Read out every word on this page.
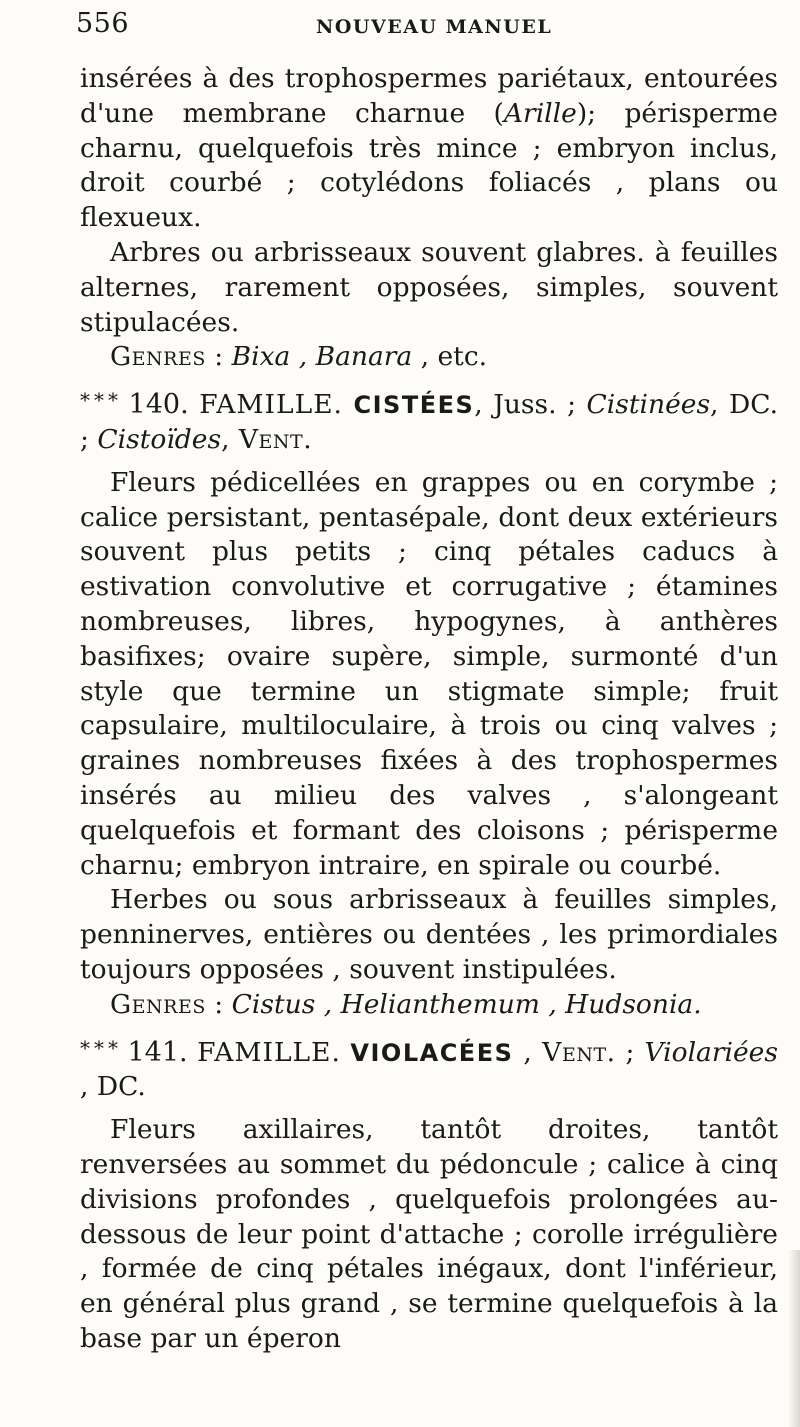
556	NOUVEAU MANUEL

insérées à des trophospermes pariétaux, entourées d'une membrane charnue (Arille); périsperme charnu, quelquefois très mince ; embryon inclus, droit courbé ; cotylédons foliacés , plans ou flexueux.

Arbres ou arbrisseaux souvent glabres. à feuilles alternes, rarement opposées, simples, souvent stipulacées.

Genres : Bixa , Banara , etc.

* * * 140. FAMILLE. CISTÉES, Juss. ; Cistinées, DC. ; Cistoïdes, Vent.

Fleurs pédicellées en grappes ou en corymbe ; calice persistant, pentasépale, dont deux extérieurs souvent plus petits ; cinq pétales caducs à estivation convolutive et corrugative ; étamines nombreuses, libres, hypogynes, à anthères basifixes; ovaire supère, simple, surmonté d'un style que termine un stigmate simple; fruit capsulaire, multiloculaire, à trois ou cinq valves ; graines nombreuses fixées à des trophospermes insérés au milieu des valves , s'alongeant quelquefois et formant des cloisons ; périsperme charnu; embryon intraire, en spirale ou courbé.

Herbes ou sous arbrisseaux à feuilles simples, penninerves, entières ou dentées , les primordiales toujours opposées , souvent instipulées.

Genres : Cistus , Helianthemum , Hudsonia.

* * * 141. FAMILLE. VIOLACÉES , Vent. ; Violariées , DC.

Fleurs axillaires, tantôt droites, tantôt renversées au sommet du pédoncule ; calice à cinq divisions profondes , quelquefois prolongées au-dessous de leur point d'attache ; corolle irrégulière , formée de cinq pétales inégaux, dont l'inférieur, en général plus grand , se termine quelquefois à la base par un éperon
